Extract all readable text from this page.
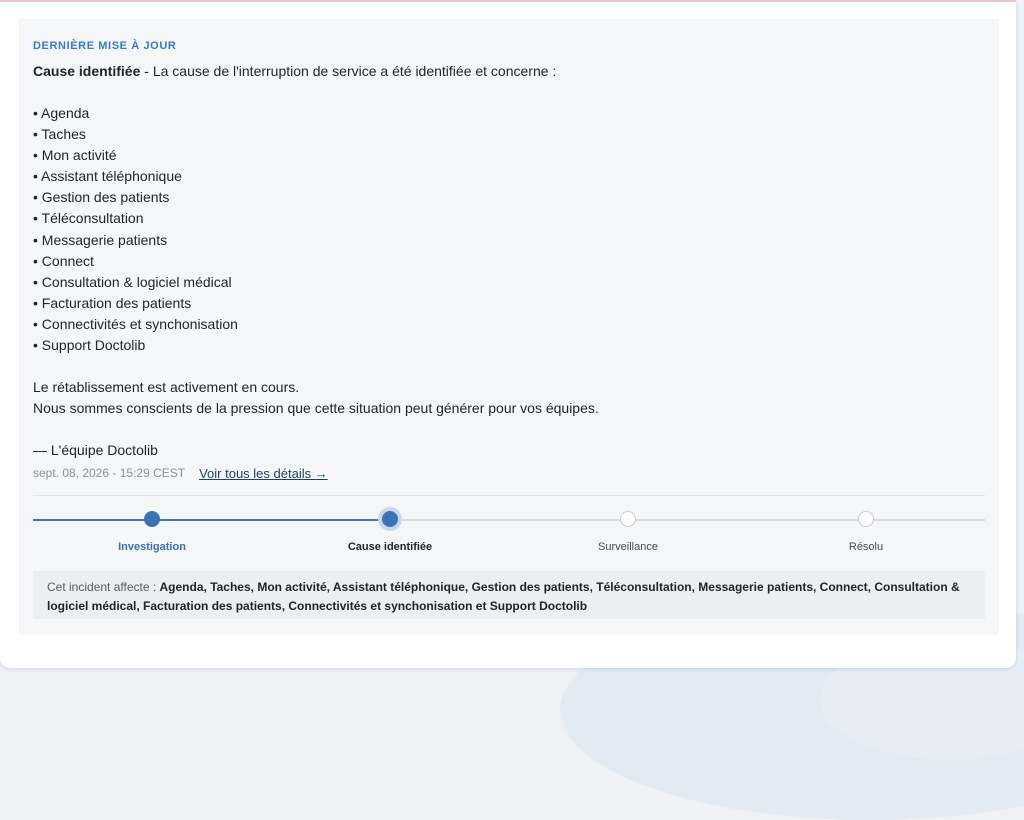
DERNIÈRE MISE À JOUR
Cause identifiée - La cause de l'interruption de service a été identifiée et concerne :
• Agenda
• Taches
• Mon activité
• Assistant téléphonique
• Gestion des patients
• Téléconsultation
• Messagerie patients
• Connect
• Consultation & logiciel médical
• Facturation des patients
• Connectivités et synchonisation
• Support Doctolib
Le rétablissement est activement en cours.
Nous sommes conscients de la pression que cette situation peut générer pour vos équipes.
— L'équipe Doctolib
sept. 08, 2026 - 15:29 CEST Voir tous les détails →
Investigation	Cause identifiée	Surveillance	Résolu
Cet incident affecte : Agenda, Taches, Mon activité, Assistant téléphonique, Gestion des patients, Téléconsultation, Messagerie patients, Connect, Consultation & logiciel médical, Facturation des patients, Connectivités et synchonisation et Support Doctolib
